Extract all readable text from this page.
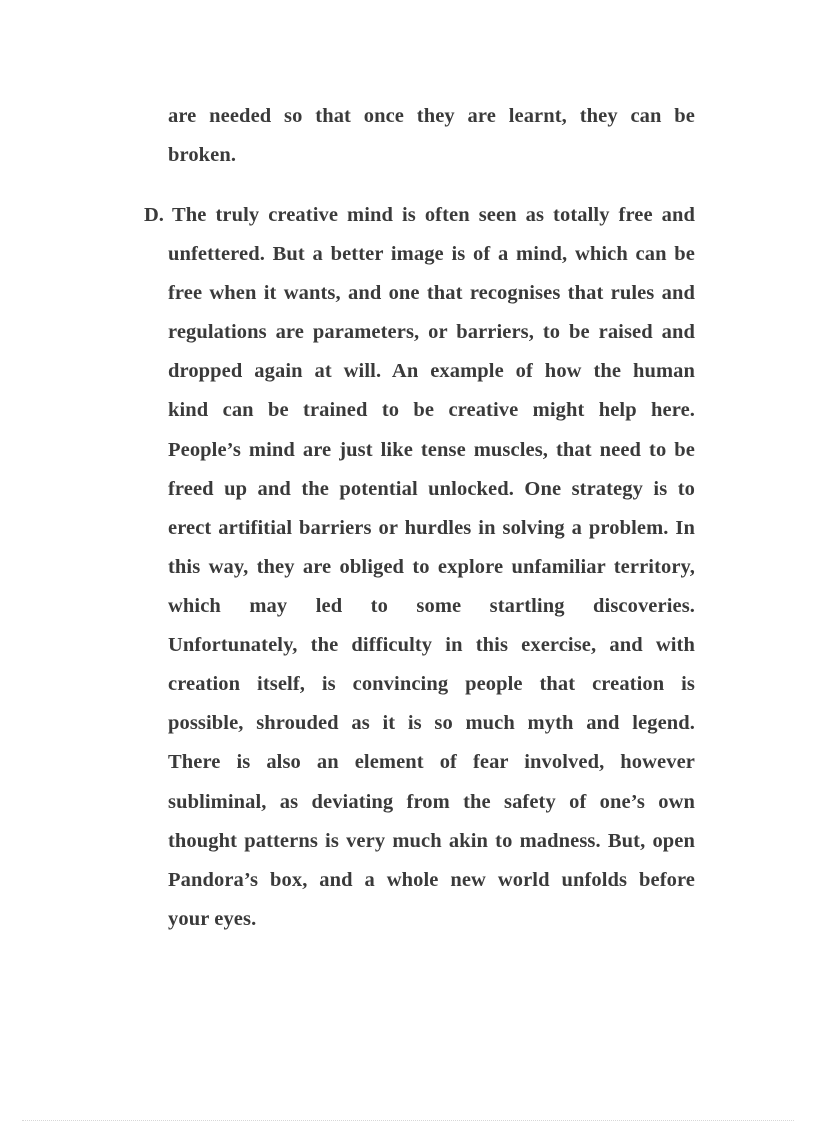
are needed so that once they are learnt, they can be
broken.
D. The truly creative mind is often seen as totally free and
unfettered. But a better image is of a mind, which can be
free when it wants, and one that recognises that rules and
regulations are parameters, or barriers, to be raised and
dropped again at will. An example of how the human
kind can be trained to be creative might help here.
People’s mind are just like tense muscles, that need to be
freed up and the potential unlocked. One strategy is to
erect artifitial barriers or hurdles in solving a problem. In
this way, they are obliged to explore unfamiliar territory,
which may led to some startling discoveries.
Unfortunately, the difficulty in this exercise, and with
creation itself, is convincing people that creation is
possible, shrouded as it is so much myth and legend.
There is also an element of fear involved, however
subliminal, as deviating from the safety of one’s own
thought patterns is very much akin to madness. But, open
Pandora’s box, and a whole new world unfolds before
your eyes.
